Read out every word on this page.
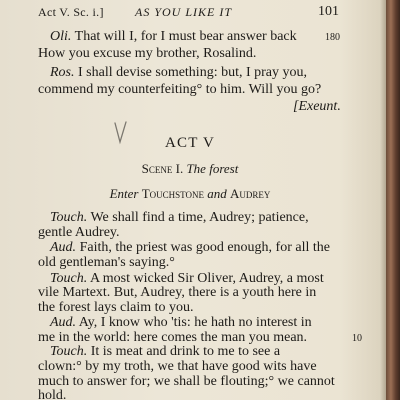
Act V. Sc. i.]	AS YOU LIKE IT	101
Oli. That will I, for I must bear answer back	180
How you excuse my brother, Rosalind.
Ros. I shall devise something: but, I pray you,
commend my counterfeiting° to him. Will you go?
[Exeunt.
ACT V
Scene I. The forest
Enter Touchstone and Audrey
Touch. We shall find a time, Audrey; patience,
gentle Audrey.
Aud. Faith, the priest was good enough, for all the
old gentleman's saying.°
Touch. A most wicked Sir Oliver, Audrey, a most
vile Martext. But, Audrey, there is a youth here in
the forest lays claim to you.
Aud. Ay, I know who 'tis: he hath no interest in
me in the world: here comes the man you mean.	10
Touch. It is meat and drink to me to see a
clown:° by my troth, we that have good wits have
much to answer for; we shall be flouting;° we cannot
hold.
